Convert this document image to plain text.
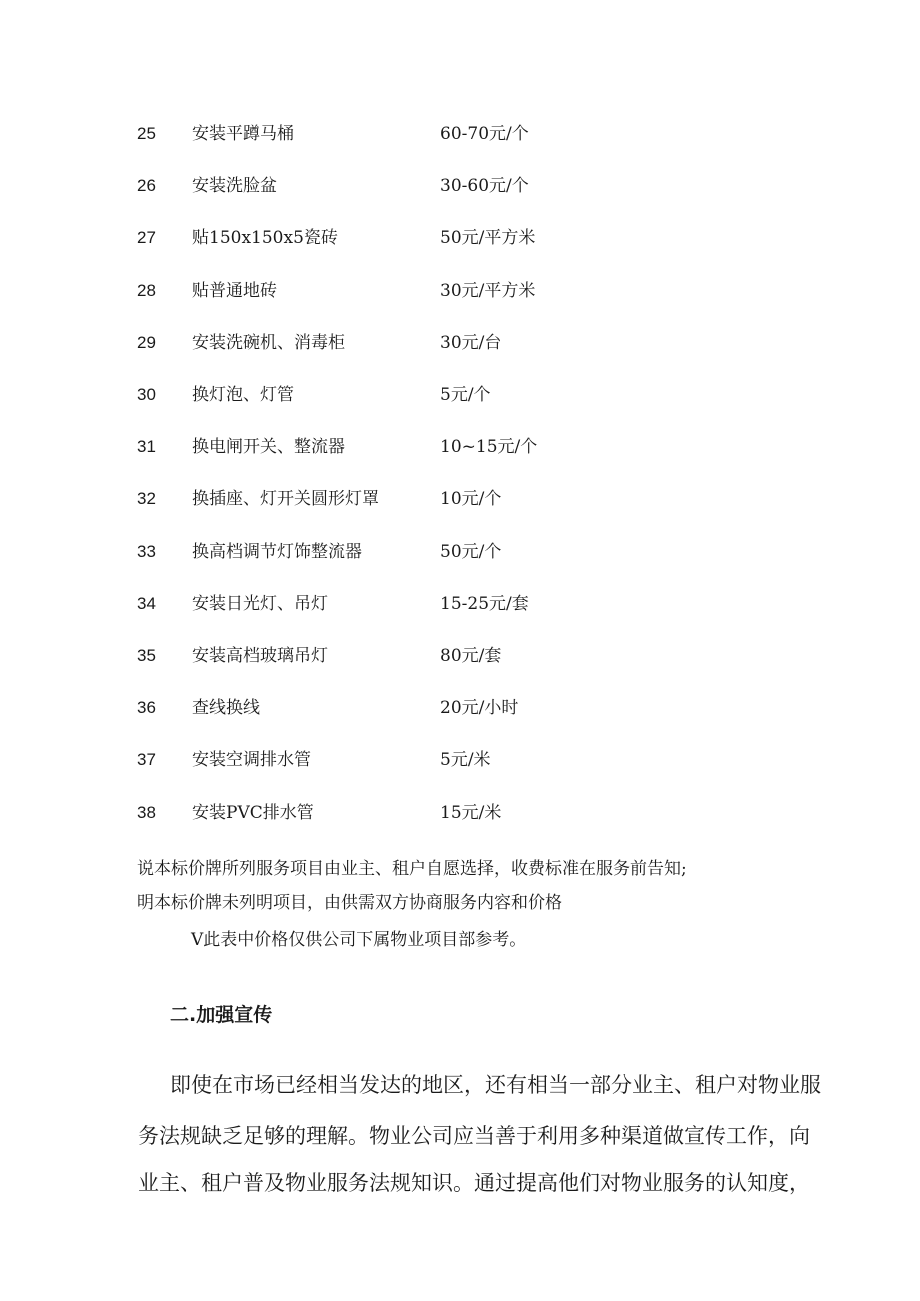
25 安装平蹲马桶	60-70元/个
26 安装洗脸盆	30-60元/个
27 贴150x150x5瓷砖	50元/平方米
28 贴普通地砖	30元/平方米
29 安装洗碗机、消毒柜	30元/台
30 换灯泡、灯管	5元/个
31 换电闸开关、整流器	10~15元/个
32 换插座、灯开关圆形灯罩	10元/个
33 换高档调节灯饰整流器	50元/个
34 安装日光灯、吊灯	15-25元/套
35 安装高档玻璃吊灯	80元/套
36 查线换线	20元/小时
37 安装空调排水管	5元/米
38 安装PVC排水管	15元/米
说本标价牌所列服务项目由业主、租户自愿选择，收费标准在服务前告知;
明本标价牌未列明项目，由供需双方协商服务内容和价格
V此表中价格仅供公司下属物业项目部参考。
二.加强宣传
即使在市场已经相当发达的地区，还有相当一部分业主、租户对物业服
务法规缺乏足够的理解。物业公司应当善于利用多种渠道做宣传工作，向
业主、租户普及物业服务法规知识。通过提高他们对物业服务的认知度，
